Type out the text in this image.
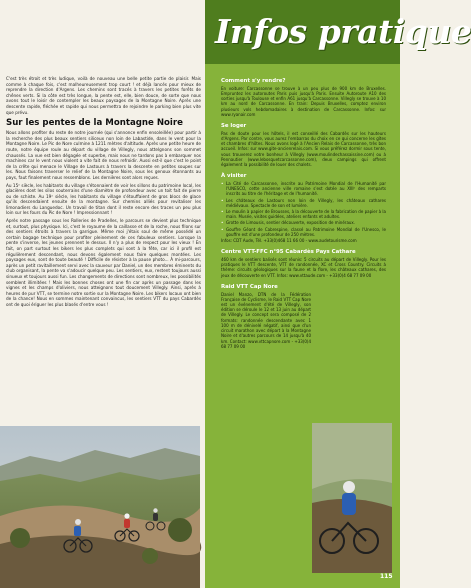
C'est très étroit et très ludique, voilà de nouveau une belle petite partie de plaisir. Mais comme à chaque fois, c'est malheureusement trop court ! et déjà lancés pour mieux de reprendre la direction d'Argens. Les chemins sont tracés à travers les petites forêts de chênes verts. Si la côte est très longue, la pente est, elle, bien douce, de sorte que nous avons tout le loisir de contempler les beaux paysages de la Montagne Noire. Après une descente rapide, fléchée et rapide qui nous permettra de rejoindre le parking bien plus vite que prévu.

Sur les pentes de la Montagne Noire

Nous allons profiter du reste de notre journée (qui s'annonce enfin ensoleillée) pour partir à la recherche des plus beaux sentiers siliceux non loin de Labastide, dans le vent pour la Montagne Noire. Le Pic de Nore culmine à 1211 mètres d'altitude. Après une petite heure de route, notre équipe roule au départ du village de Villegly, nous attelgnons son sommet chaussés. La vue est bien dégagée et superbe, mais nous ne tardons pas à embarquer nos machines car le vent nous violent a vite fait de nous refroidir. Aussi est-il que c'est le point de la crête qui menace le Village de Lastours à travers la descente en petites soupes sur les. Nous faisons traverser le relief de la Montagne Noire, sous les genoux étonnants au pays, faut finalement nous ressemblons. Les dernières sont alors reçues.

Au 15ᵉ siècle, les habitants du village s'étonnaient de voir les sillons du patrimoine local, les glacières dont les silos souterrains d'une diamètre de profondeur avec un toit fait de pierre ou de schiste. Au 19ᵉ siècle, les habitants du village s'étouffaient de gros blocs de glace qu'ils descendaient ensuite de la montagne. Sur chemins alliés pour revitaliser les limonadiers du Languedoc. Un travail de titan dont il reste encore des traces un peu plus loin sur les fours du Pic de Nore ! Impressionnant !

Après notre passage sous les Rolleries de Pradelles, le parcours se devient plus technique et, surtout, plus physique. Ici, c'est le royaume de la caillasse et de la roche, nous filons sur des sentiers étroits à travers la garrigue. Même moi j'étais soul de même possédé un certain bagage technique pour profiter pleinement de ces fabuleux sentiers. Lorsque la pente s'inverse, les jeunes prennent le dessus. Il n'y a plus de respect pour les vieux ! En fait, on part surtout les bikers les plus complets qui sont à la fête, car ici il profil est régulièrement descendant, nous devons également nous faire quelques montées. Les paysages eux, sont de toute beauté ! Difficile de résister à la pause photo... À mi-parcours, après un petit ravitaillement servi avec la sauveur par Daniel, un des membres éminents du club organisant, la pente va s'adoucir quelque peu. Les sentiers, eux, restent toujours aussi sinueux et toujours aussi fun. Les changements de directions sont nombreux, les possibilités semblent illimitées ! Mais les bonnes choses ont une fin car après un passage dans les vignes et les champs d'oliviers, nous atteignons tout doucement Villegly. Ainsi, après à heures de pur VTT, se termine notre sortie sur la Montagne Noire. Les bikers locaux ont bien de la chance! Nous en sommes maintenant convaincus, les sentiers VTT du pays Cabardès ont de quoi ériguer les plus blasés d'entre vous !

Infos pratique
Comment s'y rendre?

En voiture: Carcassonne se trouve à un peu plus de 900 km de Bruxelles. Empruntez les autoroutes Paris puis jusqu'à Paris. Ensuite Autoroute A10 des sorties jusqu'à Toulouse et enfin A61 jusqu'à Carcassonne. Villegly se trouve à 10 km au nord de Carcassonne. En train: Depuis Bruxelles, comptez environ plusieurs vols hebdomadaires à destination de Carcassonne. Infos: sur www.ryanair.com

Se loger

Pas de doute pour les hôtels, il est conseillé des Cabardès sur les hauteurs d'Argens. Par contre, vous aurez l'embarras du choix en ce qui concerne les gîtes et chambres d'hôtes. Nous avons logé à l'Ancien Relais de Carcassonne, très bon accueil. Infos: sur www.gite-ancienrelais.com. Si vous préférez dormir sous tente, vous trouverez votre bonheur à Villegly (www.moulindechassaissine.com) ou à Pennautier (www.lebosquetcarcassonne.com), deux campings qui offrent également la possibilité de louer des chalets.

À visiter
• La Cité de Carcassonne, inscrite au Patrimoine Mondial de l'Humanité par l'UNESCO, cette ancienne ville romaine s'est dotée au XIIIᵉ des remparts inscrits au titre de l'héritage et de l'humanité.
• Les châteaux de Lastours non loin de Villegly, les châteaux cathares médiévaux. Spectacle de son et lumière.
• Le moulin à papier de Brousses, à la découverte de la fabrication de papier à la main. Musée, visites guidées, ateliers enfants et adultes.
• Grotte de Limousis, sentier découverte, exposition de minéraux.
• Gouffre Géant de Cabrespine, classé au Patrimoine Mondial de l'Unesco, le gouffre est d'une profondeur de 250 mètres.

Infos: CDT Aude, Tél. +33(0)468 11 66 00 - www.audetourisme.com

Centre VTT-FFC n°95 Cabardès Pays Cathare

460 km de sentiers balisés sont réunis: 5 circuits au départ de Villegly. Pour les pratiques le VTT descente, VTT de randonnée, XC et Cross Country. Circuits à thème: circuits géologiques sur la faune et la flore, les châteaux cathares, des jeux de découverte en VTT. Infos: www.vttaude.com - +33(0)4 68 77 09 00

Raid VTT Cap Nore

Daniel Manzo, DTN de la Fédération Française de Cyclisme, le Raid VTT Cap Nore est un événement d'été de Villegly, son édition se déroule le 12 et 13 juin au départ de Villegly. Le concept sera composé de 2 formats: randonnée descendante avec 1 100 m de dénivelé négatif, ainsi que d'un circuit marathon avec départ à la Montagne Noire et d'autres parcours de 14 jusqu'à 40 km. Contact: www.vttcapnore.com - +33(0)4 68 77 09 00

115
